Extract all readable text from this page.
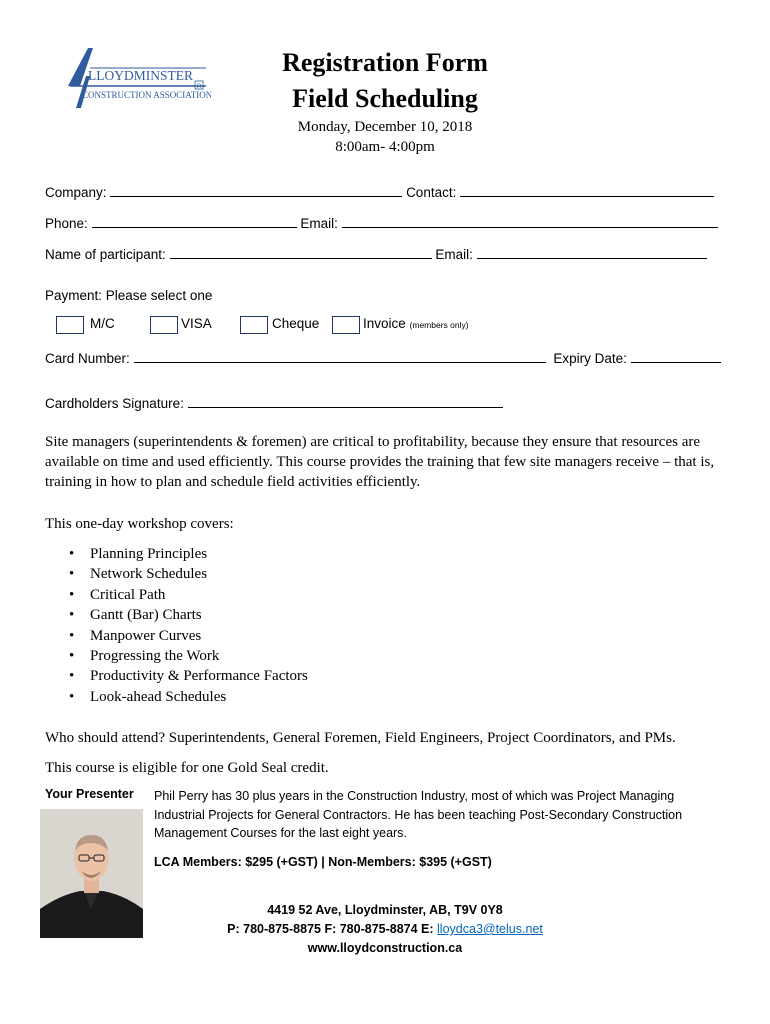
R
LLOYDMINSTER
CONSTRUCTION ASSOCIATION
Registration Form
Field Scheduling
Monday, December 10, 2018
8:00am- 4:00pm
Company:	Contact:
Phone:	Email:
Name of participant:	Email:
Payment: Please select one
M/C	VISA	Cheque	Invoice (members only)
Card Number:	Expiry Date:
Cardholders Signature:
Site managers (superintendents & foremen) are critical to profitability, because they ensure that resources are available on time and used efficiently. This course provides the training that few site managers receive – that is, training in how to plan and schedule field activities efficiently.
This one-day workshop covers:
• Planning Principles
• Network Schedules
• Critical Path
• Gantt (Bar) Charts
• Manpower Curves
• Progressing the Work
• Productivity & Performance Factors
• Look-ahead Schedules
Who should attend? Superintendents, General Foremen, Field Engineers, Project Coordinators, and PMs.
This course is eligible for one Gold Seal credit.
Your Presenter Phil Perry has 30 plus years in the Construction Industry, most of which was Project Managing Industrial Projects for General Contractors. He has been teaching Post-Secondary Construction Management Courses for the last eight years.
LCA Members: $295 (+GST) | Non-Members: $395 (+GST)
4419 52 Ave, Lloydminster, AB, T9V 0Y8
P: 780-875-8875 F: 780-875-8874 E: lloydca3@telus.net
www.lloydconstruction.ca
